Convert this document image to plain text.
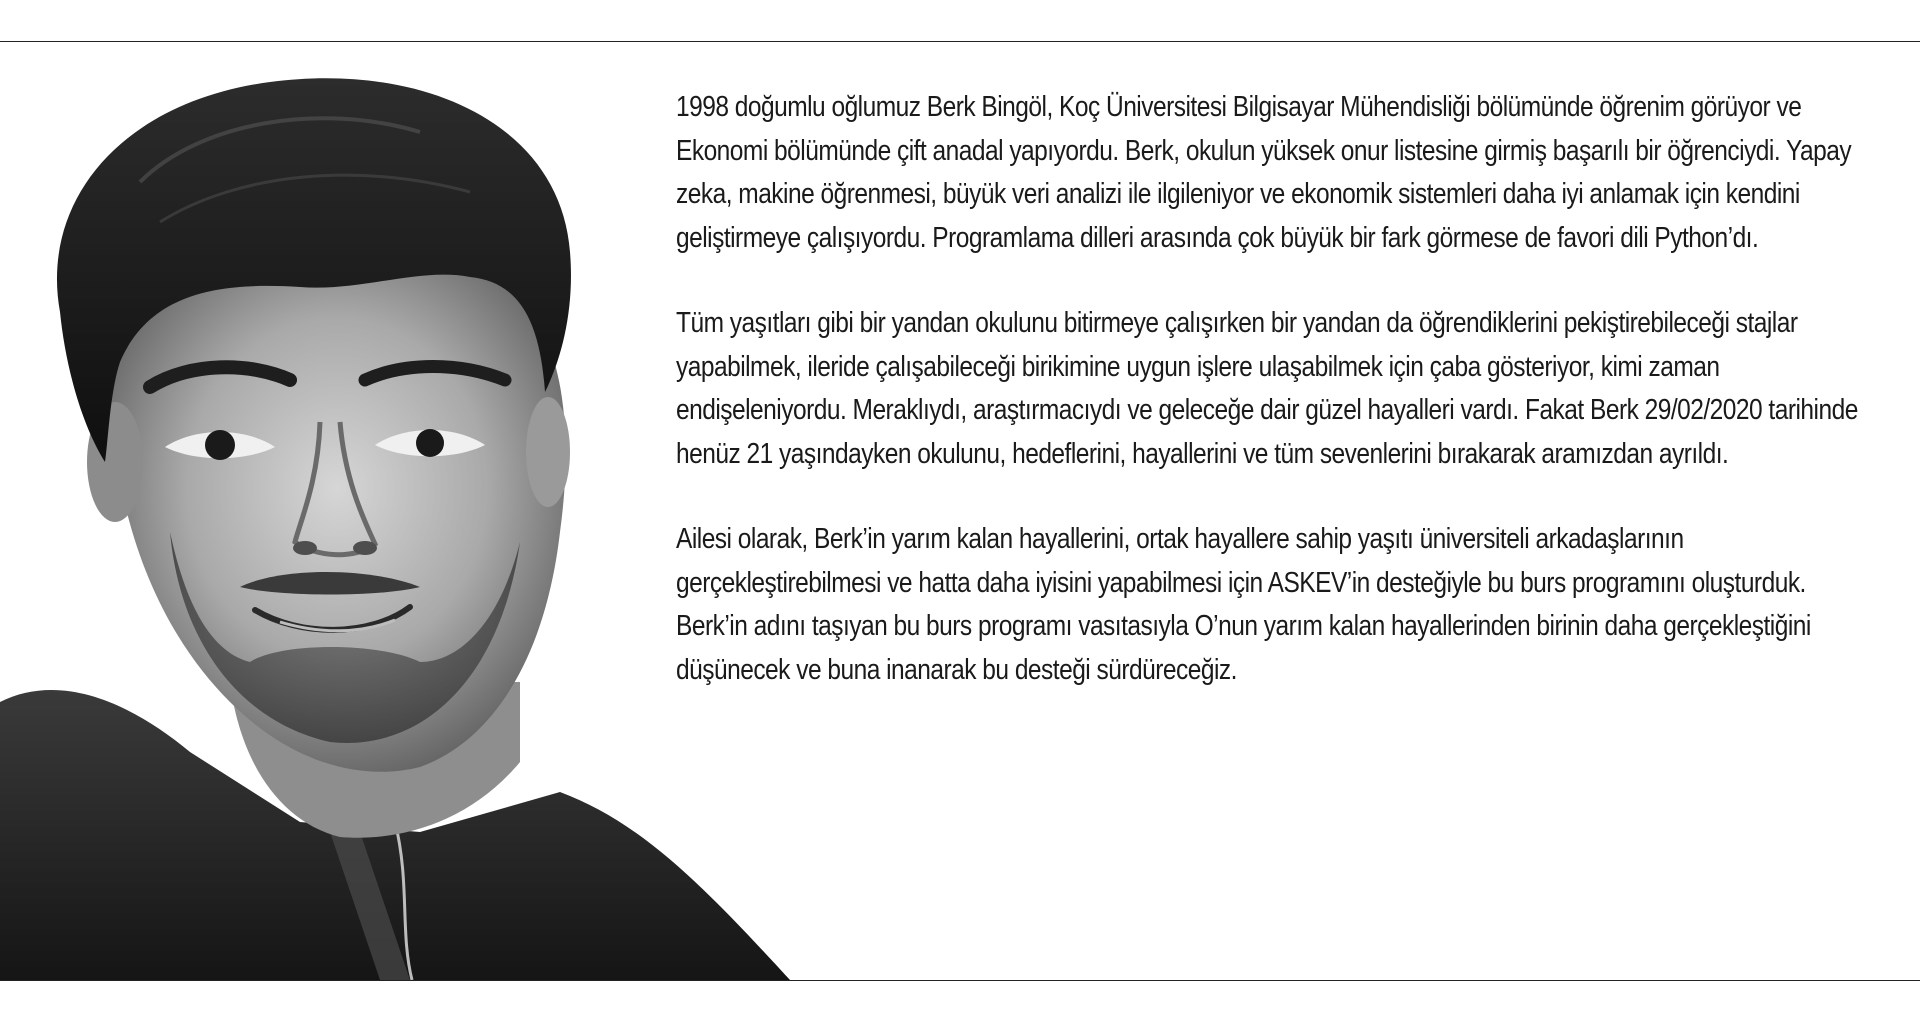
1998 doğumlu oğlumuz Berk Bingöl, Koç Üniversitesi Bilgisayar Mühendisliği bölümünde öğrenim görüyor ve Ekonomi bölümünde çift anadal yapıyordu. Berk, okulun yüksek onur listesine girmiş başarılı bir öğrenciydi. Yapay zeka, makine öğrenmesi, büyük veri analizi ile ilgileniyor ve ekonomik sistemleri daha iyi anlamak için kendini geliştirmeye çalışıyordu. Programlama dilleri arasında çok büyük bir fark görmese de favori dili Python’dı.

Tüm yaşıtları gibi bir yandan okulunu bitirmeye çalışırken bir yandan da öğrendiklerini pekiştirebileceği stajlar yapabilmek, ileride çalışabileceği birikimine uygun işlere ulaşabilmek için çaba gösteriyor, kimi zaman endişeleniyordu. Meraklıydı, araştırmacıydı ve geleceğe dair güzel hayalleri vardı. Fakat Berk 29/02/2020 tarihinde henüz 21 yaşındayken okulunu, hedeflerini, hayallerini ve tüm sevenlerini bırakarak aramızdan ayrıldı.

Ailesi olarak, Berk’in yarım kalan hayallerini, ortak hayallere sahip yaşıtı üniversiteli arkadaşlarının gerçekleştirebilmesi ve hatta daha iyisini yapabilmesi için ASKEV’in desteğiyle bu burs programını oluşturduk. Berk’in adını taşıyan bu burs programı vasıtasıyla O’nun yarım kalan hayallerinden birinin daha gerçekleştiğini düşünecek ve buna inanarak bu desteği sürdüreceğiz.
